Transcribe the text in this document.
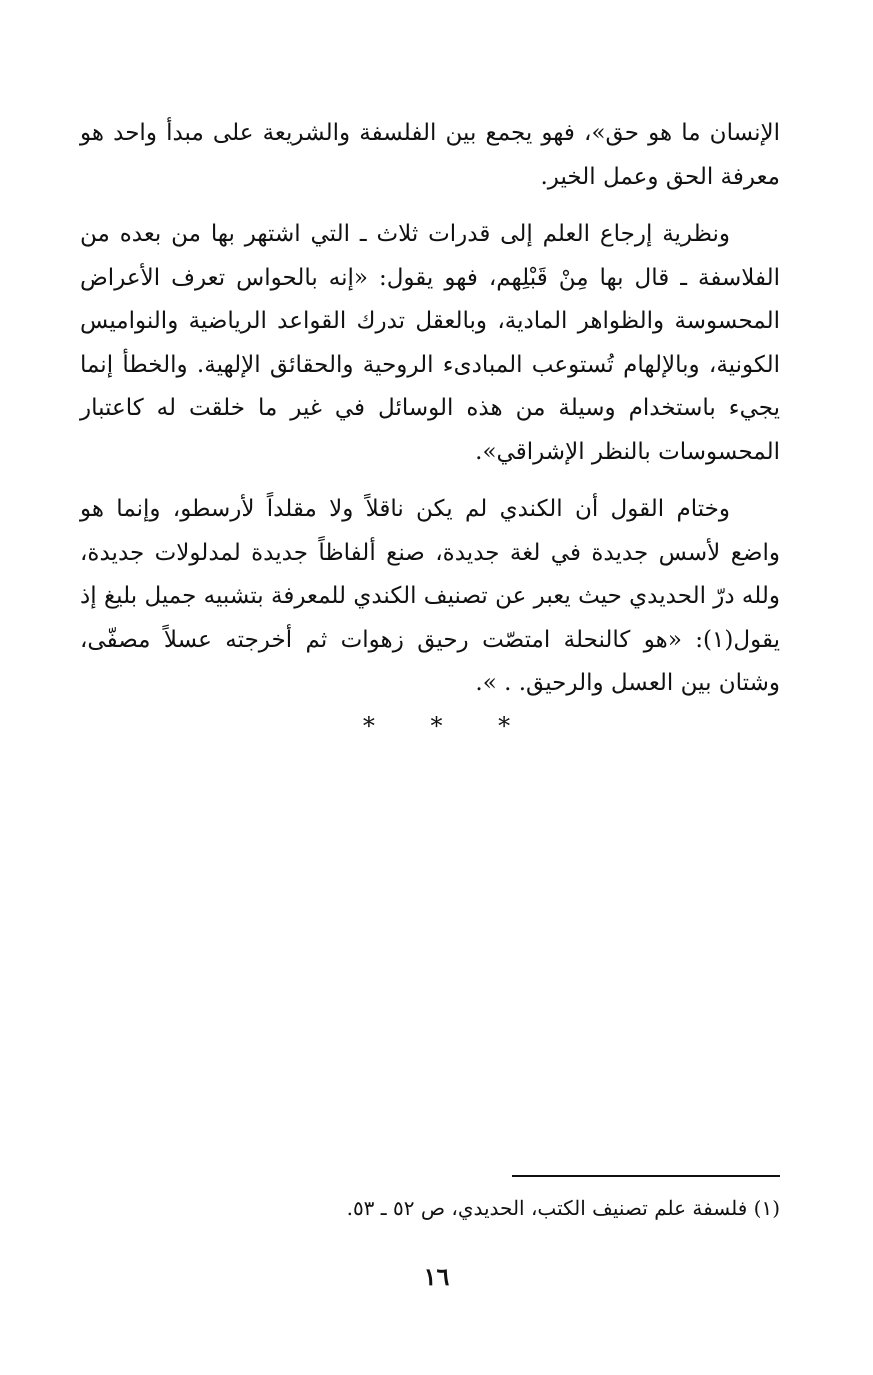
الإنسان ما هو حق»، فهو يجمع بين الفلسفة والشريعة على مبدأ واحد هو معرفة الحق وعمل الخير.

ونظرية إرجاع العلم إلى قدرات ثلاث ـ التي اشتهر بها من بعده من الفلاسفة ـ قال بها مِنْ قَبْلِهم، فهو يقول: «إنه بالحواس تعرف الأعراض المحسوسة والظواهر المادية، وبالعقل تدرك القواعد الرياضية والنواميس الكونية، وبالإلهام تُستوعب المبادىء الروحية والحقائق الإلهية. والخطأ إنما يجيء باستخدام وسيلة من هذه الوسائل في غير ما خلقت له كاعتبار المحسوسات بالنظر الإشراقي».

وختام القول أن الكندي لم يكن ناقلاً ولا مقلداً لأرسطو، وإنما هو واضع لأسس جديدة في لغة جديدة، صنع ألفاظاً جديدة لمدلولات جديدة، ولله درّ الحديدي حيث يعبر عن تصنيف الكندي للمعرفة بتشبيه جميل بليغ إذ يقول(١): «هو كالنحلة امتصّت رحيق زهوات ثم أخرجته عسلاً مصفّى، وشتان بين العسل والرحيق. . ».

* * *
(١) فلسفة علم تصنيف الكتب، الحديدي، ص ٥٢ ـ ٥٣.
١٦
